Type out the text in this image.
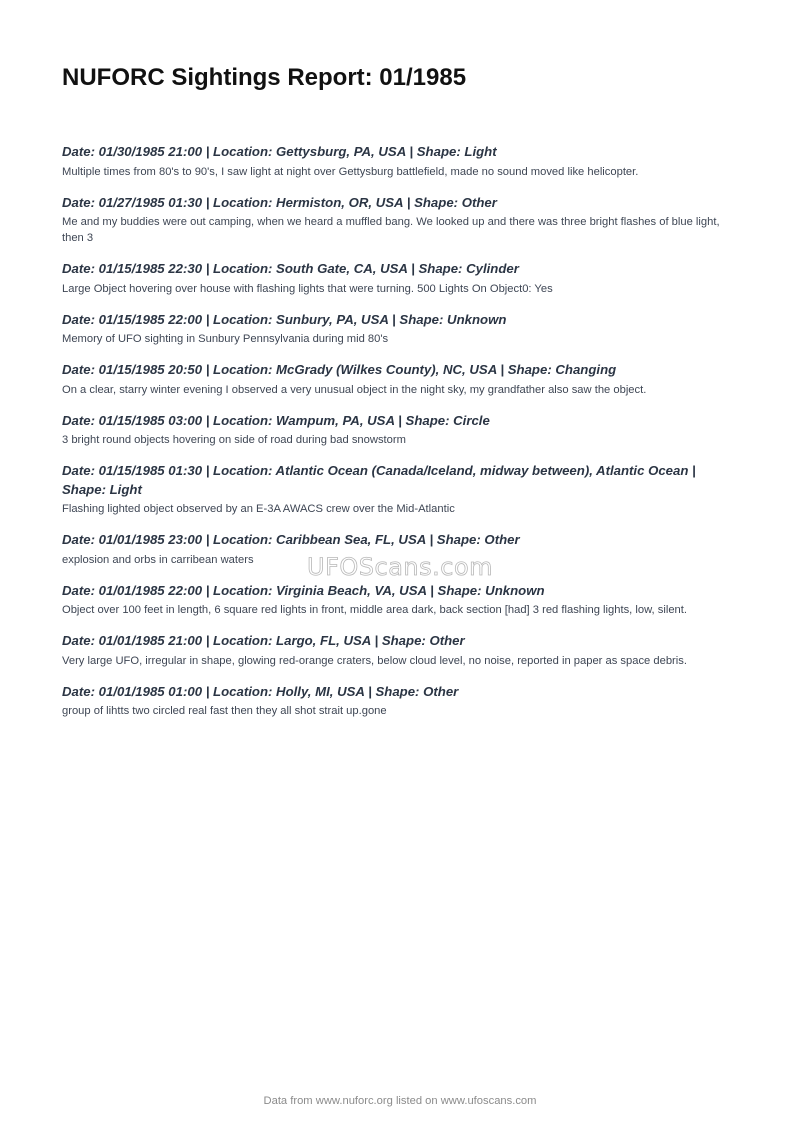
NUFORC Sightings Report: 01/1985

Date: 01/30/1985 21:00 | Location: Gettysburg, PA, USA | Shape: Light

Multiple times from 80's to 90's, I saw light at night over Gettysburg battlefield, made no sound moved like helicopter.

Date: 01/27/1985 01:30 | Location: Hermiston, OR, USA | Shape: Other

Me and my buddies were out camping, when we heard a muffled bang. We looked up and there was three bright flashes of blue light, then 3

Date: 01/15/1985 22:30 | Location: South Gate, CA, USA | Shape: Cylinder

Large Object hovering over house with flashing lights that were turning. 500 Lights On Object0: Yes

Date: 01/15/1985 22:00 | Location: Sunbury, PA, USA | Shape: Unknown

Memory of UFO sighting in Sunbury Pennsylvania during mid 80's

Date: 01/15/1985 20:50 | Location: McGrady (Wilkes County), NC, USA | Shape: Changing

On a clear, starry winter evening I observed a very unusual object in the night sky, my grandfather also saw the object.

Date: 01/15/1985 03:00 | Location: Wampum, PA, USA | Shape: Circle

3 bright round objects hovering on side of road during bad snowstorm

Date: 01/15/1985 01:30 | Location: Atlantic Ocean (Canada/Iceland, midway between), Atlantic Ocean | Shape: Light

Flashing lighted object observed by an E-3A AWACS crew over the Mid-Atlantic

Date: 01/01/1985 23:00 | Location: Caribbean Sea, FL, USA | Shape: Other

explosion and orbs in carribean waters

Date: 01/01/1985 22:00 | Location: Virginia Beach, VA, USA | Shape: Unknown

Object over 100 feet in length, 6 square red lights in front, middle area dark, back section [had] 3 red flashing lights, low, silent.

Date: 01/01/1985 21:00 | Location: Largo, FL, USA | Shape: Other

Very large UFO, irregular in shape, glowing red-orange craters, below cloud level, no noise, reported in paper as space debris.

Date: 01/01/1985 01:00 | Location: Holly, MI, USA | Shape: Other

group of lihtts two circled real fast then they all shot strait up.gone

UFOScans.com
Data from www.nuforc.org listed on www.ufoscans.com
